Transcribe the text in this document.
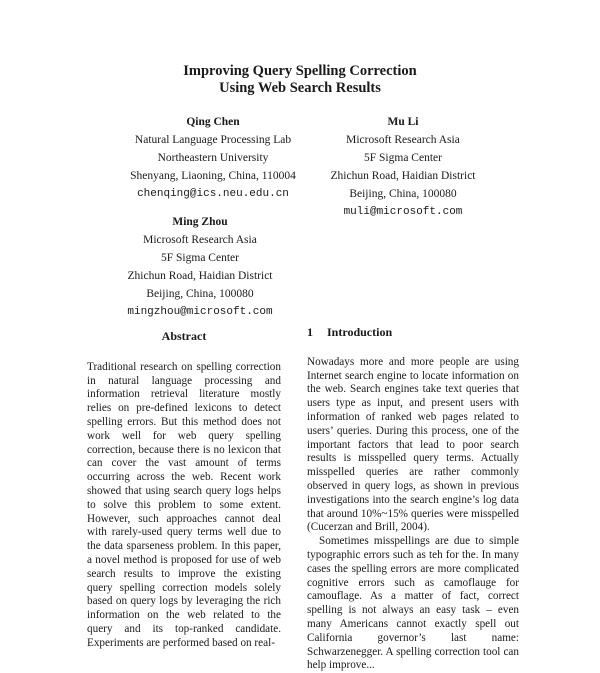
Improving Query Spelling Correction
Using Web Search Results
Qing Chen
Natural Language Processing Lab
Northeastern University
Shenyang, Liaoning, China, 110004
chenqing@ics.neu.edu.cn
Mu Li
Microsoft Research Asia
5F Sigma Center
Zhichun Road, Haidian District
Beijing, China, 100080
muli@microsoft.com
Ming Zhou
Microsoft Research Asia
5F Sigma Center
Zhichun Road, Haidian District
Beijing, China, 100080
mingzhou@microsoft.com
Abstract

Traditional research on spelling correction in natural language processing and information retrieval literature mostly relies on pre-defined lexicons to detect spelling errors. But this method does not work well for web query spelling correction, because there is no lexicon that can cover the vast amount of terms occurring across the web. Recent work showed that using search query logs helps to solve this problem to some extent. However, such approaches cannot deal with rarely-used query terms well due to the data sparseness problem. In this paper, a novel method is proposed for use of web search results to improve the existing query spelling correction models solely based on query logs by leveraging the rich information on the web related to the query and its top-ranked candidate. Experiments are performed based on real-

1 Introduction

Nowadays more and more people are using Internet search engine to locate information on the web. Search engines take text queries that users type as input, and present users with information of ranked web pages related to users’ queries. During this process, one of the important factors that lead to poor search results is misspelled query terms. Actually misspelled queries are rather commonly observed in query logs, as shown in previous investigations into the search engine’s log data that around 10%~15% queries were misspelled (Cucerzan and Brill, 2004).

Sometimes misspellings are due to simple typographic errors such as teh for the. In many cases the spelling errors are more complicated cognitive errors such as camoflauge for camouflage. As a matter of fact, correct spelling is not always an easy task – even many Americans cannot exactly spell out California governor’s last name: Schwarzenegger. A spelling correction tool can help improve...
